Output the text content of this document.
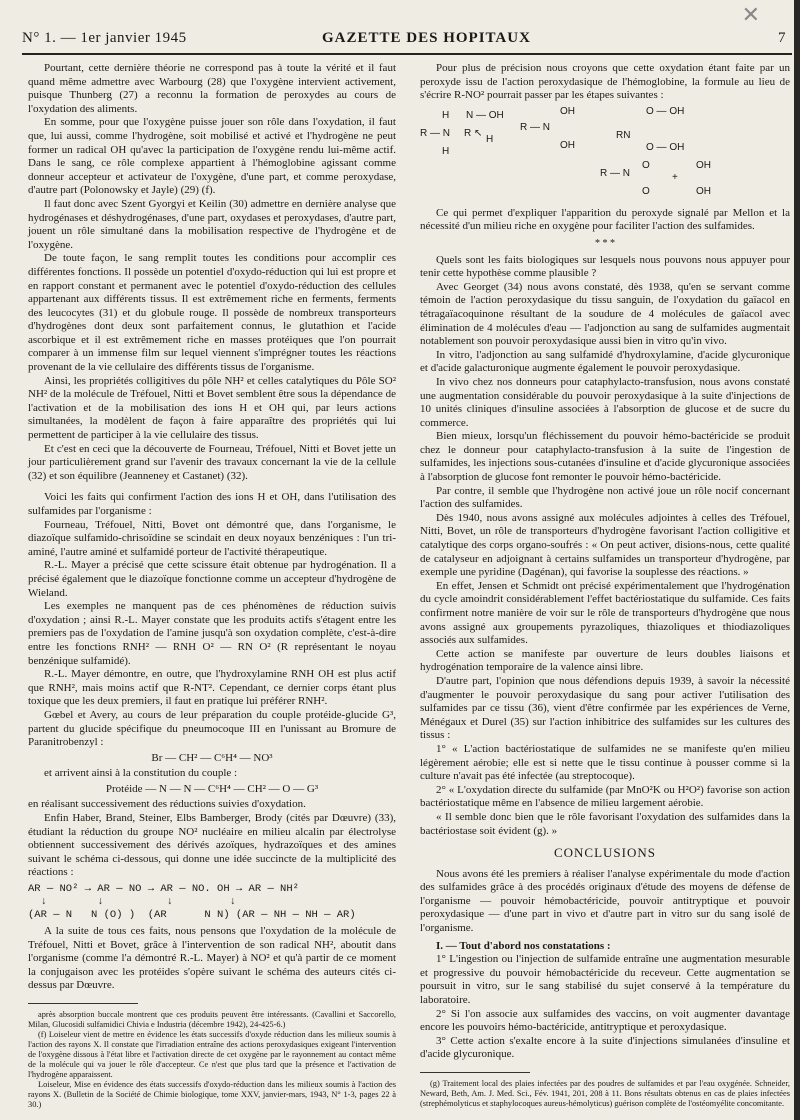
✕
N° 1. — 1er janvier 1945	GAZETTE DES HOPITAUX	7

Pourtant, cette dernière théorie ne correspond pas à toute la vérité et il faut quand même admettre avec Warbourg (28) que l'oxygène intervient activement, puisque Thunberg (27) a reconnu la formation de peroxydes au cours de l'oxydation des aliments.

En somme, pour que l'oxygène puisse jouer son rôle dans l'oxydation, il faut que, lui aussi, comme l'hydrogène, soit mobilisé et activé et l'hydrogène ne peut former un radical OH qu'avec la participation de l'oxygène rendu lui-même actif. Dans le sang, ce rôle complexe appartient à l'hémoglobine agissant comme donneur accepteur et activateur de l'oxygène, d'une part, et comme peroxydase, d'autre part (Polonowsky et Jayle) (29) (f).

Il faut donc avec Szent Gyorgyi et Keilin (30) admettre en dernière analyse que hydrogénases et déshydrogénases, d'une part, oxydases et peroxydases, d'autre part, jouent un rôle simultané dans la mobilisation respective de l'hydrogène et de l'oxygène.

De toute façon, le sang remplit toutes les conditions pour accomplir ces différentes fonctions. Il possède un potentiel d'oxydo-réduction qui lui est propre et en rapport constant et permanent avec le potentiel d'oxydo-réduction des cellules appartenant aux différents tissus. Il est extrêmement riche en ferments, ferments des leucocytes (31) et du globule rouge. Il possède de nombreux transporteurs d'hydrogènes dont deux sont parfaitement connus, le glutathion et l'acide ascorbique et il est extrêmement riche en masses protéiques que l'on pourrait comparer à un immense film sur lequel viennent s'imprégner toutes les réactions provenant de la vie cellulaire des différents tissus de l'organisme.

Ainsi, les propriétés colligitives du pôle NH² et celles catalytiques du Pôle SO² NH² de la molécule de Tréfouel, Nitti et Bovet semblent être sous la dépendance de l'activation et de la mobilisation des ions H et OH qui, par leurs actions simultanées, la modèlent de façon à faire apparaître des propriétés qui lui permettent de participer à la vie cellulaire des tissus.

Et c'est en ceci que la découverte de Fourneau, Tréfouel, Nitti et Bovet jette un jour particulièrement grand sur l'avenir des travaux concernant la vie de la cellule (32) et son équilibre (Jeanneney et Castanet) (32).

Voici les faits qui confirment l'action des ions H et OH, dans l'utilisation des sulfamides par l'organisme :

Fourneau, Tréfouel, Nitti, Bovet ont démontré que, dans l'organisme, le diazoïque sulfamido-chrisoïdine se scindait en deux noyaux benzéniques : l'un tri-aminé, l'autre aminé et sulfamidé porteur de l'activité thérapeutique.

R.-L. Mayer a précisé que cette scissure était obtenue par hydrogénation. Il a précisé également que le diazoïque fonctionne comme un accepteur d'hydrogène de Wieland.

Les exemples ne manquent pas de ces phénomènes de réduction suivis d'oxydation ; ainsi R.-L. Mayer constate que les produits actifs s'étagent entre les premiers pas de l'oxydation de l'amine jusqu'à son oxydation complète, c'est-à-dire entre les fonctions RNH² — RNH O² — RN O² (R représentant le noyau benzénique sulfamidé).

R.-L. Mayer démontre, en outre, que l'hydroxylamine RNH OH est plus actif que RNH², mais moins actif que R-NT². Cependant, ce dernier corps étant plus toxique que les deux premiers, il faut en pratique lui préférer RNH².

Gœbel et Avery, au cours de leur préparation du couple protéide-glucide G³, partent du glucide spécifique du pneumocoque III en l'unissant au Bromure de Paranitrobenzyl :

Br — CH² — C⁶H⁴ — NO³

et arrivent ainsi à la constitution du couple :

Protéide — N — N — C⁶H⁴ — CH² — O — G³

en réalisant successivement des réductions suivies d'oxydation.

Enfin Haber, Brand, Steiner, Elbs Bamberger, Brody (cités par Dœuvre) (33), étudiant la réduction du groupe NO² nucléaire en milieu alcalin par électrolyse obtiennent successivement des dérivés azoïques, hydrazoïques et des amines suivant le schéma ci-dessous, qui donne une idée succincte de la multiplicité des réactions :

AR — NO² → AR — NO → AR — NO. OH → AR — NH²
↓        ↓          ↓         ↓
(AR — N   N (O) )  (AR      N N) (AR — NH — NH — AR)

A la suite de tous ces faits, nous pensons que l'oxydation de la molécule de Tréfouel, Nitti et Bovet, grâce à l'intervention de son radical NH², aboutit dans l'organisme (comme l'a démontré R.-L. Mayer) à NO² et qu'à partir de ce moment la conjugaison avec les protéides s'opère suivant le schéma des auteurs cités ci-dessus par Dœuvre.

après absorption buccale montrent que ces produits peuvent être intéressants. (Cavallini et Saccorello, Milan, Glucosidi sulfamidici Chivia e Industria (décembre 1942), 24-425-6.)

(f) Loiseleur vient de mettre en évidence les états successifs d'oxyde réduction dans les milieux soumis à l'action des rayons X. Il constate que l'irradiation entraîne des actions peroxydasiques exigeant l'intervention de l'oxygène dissous à l'état libre et l'activation directe de cet oxygène par le rayonnement au contact même de la molécule qui va jouer le rôle d'accepteur. Ce n'est que plus tard que la présence et l'activation de l'hydrogène apparaissent.

Loiseleur, Mise en évidence des états successifs d'oxydo-réduction dans les milieux soumis à l'action des rayons X. (Bulletin de la Société de Chimie biologique, tome XXV, janvier-mars, 1943, N° 1-3, pages 22 à 30.)

Pour plus de précision nous croyons que cette oxydation étant faite par un peroxyde issu de l'action peroxydasique de l'hémoglobine, la formule au lieu de s'écrire R-NO² pourrait passer par les étapes suivantes :

H
R — N
H
N — OH
R ↖
H
OH
R — N
OH
RN
O — OH
O — OH
R — N
O
O
+
OH
OH

Ce qui permet d'expliquer l'apparition du peroxyde signalé par Mellon et la nécessité d'un milieu riche en oxygène pour faciliter l'action des sulfamides.

* * *

Quels sont les faits biologiques sur lesquels nous pouvons nous appuyer pour tenir cette hypothèse comme plausible ?

Avec Georget (34) nous avons constaté, dès 1938, qu'en se servant comme témoin de l'action peroxydasique du tissu sanguin, de l'oxydation du gaïacol en tétragaïacoquinone résultant de la soudure de 4 molécules de gaïacol avec élimination de 4 molécules d'eau — l'adjonction au sang de sulfamides augmentait notablement son pouvoir peroxydasique aussi bien in vitro qu'in vivo.

In vitro, l'adjonction au sang sulfamidé d'hydroxylamine, d'acide glycuronique et d'acide galacturonique augmente également le pouvoir peroxydasique.

In vivo chez nos donneurs pour cataphylacto-transfusion, nous avons constaté une augmentation considérable du pouvoir peroxydasique à la suite d'injections de 10 unités cliniques d'insuline associées à l'absorption de glucose et de sucre du commerce.

Bien mieux, lorsqu'un fléchissement du pouvoir hémo-bactéricide se produit chez le donneur pour cataphylacto-transfusion à la suite de l'ingestion de sulfamides, les injections sous-cutanées d'insuline et d'acide glycuronique associées à l'absorption de glucose font remonter le pouvoir hémo-bactéricide.

Par contre, il semble que l'hydrogène non activé joue un rôle nocif concernant l'action des sulfamides.

Dès 1940, nous avons assigné aux molécules adjointes à celles des Tréfouel, Nitti, Bovet, un rôle de transporteurs d'hydrogène favorisant l'action colligitive et catalytique des corps organo-soufrés : « On peut activer, disions-nous, cette qualité de catalyseur en adjoignant à certains sulfamides un transporteur d'hydrogène, par exemple une pyridine (Dagénan), qui favorise la souplesse des réactions. »

En effet, Jensen et Schmidt ont précisé expérimentalement que l'hydrogénation du cycle amoindrit considérablement l'effet bactériostatique du sulfamide. Ces faits confirment notre manière de voir sur le rôle de transporteurs d'hydrogène que nous avons assigné aux groupements pyrazoliques, thiazoliques et thiodiazoliques associés aux sulfamides.

Cette action se manifeste par ouverture de leurs doubles liaisons et hydrogénation temporaire de la valence ainsi libre.

D'autre part, l'opinion que nous défendions depuis 1939, à savoir la nécessité d'augmenter le pouvoir peroxydasique du sang pour activer l'utilisation des sulfamides par ce tissu (36), vient d'être confirmée par les expériences de Verne, Ménégaux et Durel (35) sur l'action inhibitrice des sulfamides sur les cultures des tissus :

1° « L'action bactériostatique de sulfamides ne se manifeste qu'en milieu légèrement aérobie; elle est si nette que le tissu continue à pousser comme si la culture n'avait pas été infectée (au streptocoque).

2° « L'oxydation directe du sulfamide (par MnO²K ou H²O²) favorise son action bactériostatique même en l'absence de milieu largement aérobie.

« Il semble donc bien que le rôle favorisant l'oxydation des sulfamides dans la bactériostase soit évident (g). »

CONCLUSIONS

Nous avons été les premiers à réaliser l'analyse expérimentale du mode d'action des sulfamides grâce à des procédés originaux d'étude des moyens de défense de l'organisme — pouvoir hémobactéricide, pouvoir antitryptique et pouvoir peroxydasique — d'une part in vivo et d'autre part in vitro sur du sang isolé de l'organisme.

I. — Tout d'abord nos constatations :

1° L'ingestion ou l'injection de sulfamide entraîne une augmentation mesurable et progressive du pouvoir hémobactéricide du receveur. Cette augmentation se poursuit in vitro, sur le sang stabilisé du sujet conservé à la température du laboratoire.

2° Si l'on associe aux sulfamides des vaccins, on voit augmenter davantage encore les pouvoirs hémo-bactéricide, antitryptique et peroxydasique.

3° Cette action s'exalte encore à la suite d'injections simulanées d'insuline et d'acide glycuronique.

(g) Traitement local des plaies infectées par des poudres de sulfamides et par l'eau oxygénée. Schneider, Neward, Beth, Am. J. Med. Sci., Fév. 1941, 201, 208 à 11. Bons résultats obtenus en cas de plaies infectées (strephémolyticus et staphylocoques aureus-hémolyticus) guérison complète de l'ostéomyélite concomitante.
